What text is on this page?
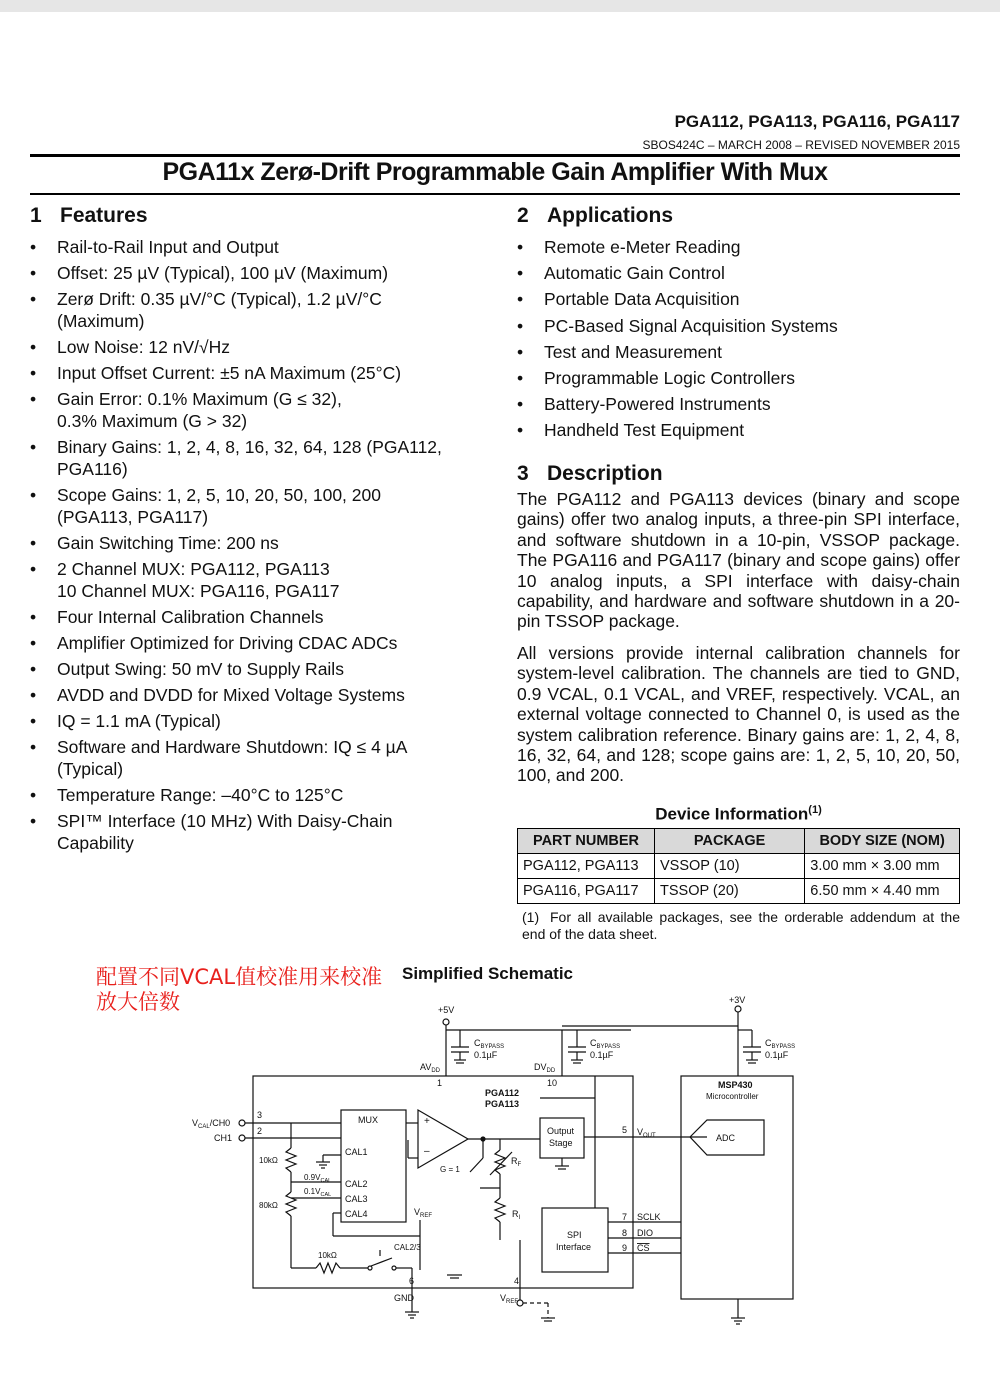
PGA112, PGA113, PGA116, PGA117
SBOS424C – MARCH 2008 – REVISED NOVEMBER 2015
PGA11x Zerø-Drift Programmable Gain Amplifier With Mux
1 Features
• Rail-to-Rail Input and Output
• Offset: 25 µV (Typical), 100 µV (Maximum)
• Zerø Drift: 0.35 µV/°C (Typical), 1.2 µV/°C
(Maximum)
• Low Noise: 12 nV/√Hz
• Input Offset Current: ±5 nA Maximum (25°C)
• Gain Error: 0.1% Maximum (G ≤ 32),
0.3% Maximum (G > 32)
• Binary Gains: 1, 2, 4, 8, 16, 32, 64, 128 (PGA112,
PGA116)
• Scope Gains: 1, 2, 5, 10, 20, 50, 100, 200
(PGA113, PGA117)
• Gain Switching Time: 200 ns
• 2 Channel MUX: PGA112, PGA113
10 Channel MUX: PGA116, PGA117
• Four Internal Calibration Channels
• Amplifier Optimized for Driving CDAC ADCs
• Output Swing: 50 mV to Supply Rails
• AVDD and DVDD for Mixed Voltage Systems
• IQ = 1.1 mA (Typical)
• Software and Hardware Shutdown: IQ ≤ 4 µA
(Typical)
• Temperature Range: –40°C to 125°C
• SPI™ Interface (10 MHz) With Daisy-Chain
Capability
2 Applications
• Remote e-Meter Reading
• Automatic Gain Control
• Portable Data Acquisition
• PC-Based Signal Acquisition Systems
• Test and Measurement
• Programmable Logic Controllers
• Battery-Powered Instruments
• Handheld Test Equipment
3 Description

The PGA112 and PGA113 devices (binary and scope gains) offer two analog inputs, a three-pin SPI interface, and software shutdown in a 10-pin, VSSOP package. The PGA116 and PGA117 (binary and scope gains) offer 10 analog inputs, a SPI interface with daisy-chain capability, and hardware and software shutdown in a 20-pin TSSOP package.

All versions provide internal calibration channels for system-level calibration. The channels are tied to GND, 0.9 VCAL, 0.1 VCAL, and VREF, respectively. VCAL, an external voltage connected to Channel 0, is used as the system calibration reference. Binary gains are: 1, 2, 4, 8, 16, 32, 64, and 128; scope gains are: 1, 2, 5, 10, 20, 50, 100, and 200.

Device Information$^{(1)}$
PART NUMBER	PACKAGE	BODY SIZE (NOM)
PGA112, PGA113	VSSOP (10)	3.00 mm × 3.00 mm
PGA116, PGA117	TSSOP (20)	6.50 mm × 4.40 mm
(1) For all available packages, see the orderable addendum at the end of the data sheet.
配置不同VCAL值校准用来校准放大倍数
Simplified Schematic
+5V
+3V
$C_{BYPASS}$
0.1µF
$C_{BYPASS}$
0.1µF
$C_{BYPASS}$
0.1µF
$AV_{DD}$	$DV_{DD}$
1	10
PGA112
PGA113
MSP430
Microcontroller
ADC
$V_{CAL}/CH0$
CH1
3
2
MUX
CAL1
CAL2
CAL3
CAL4
10kΩ
80kΩ
$0.9V_{CAL}$
$0.1V_{CAL}$
+
–
G = 1
$R_F$
$R_I$
$V_{REF}$
Output
Stage
5 $V_{OUT}$
SPI
Interface
7
8
9
SCLK
DIO
CS
10kΩ
CAL2/3
6	4
GND	$V_{REF}$
